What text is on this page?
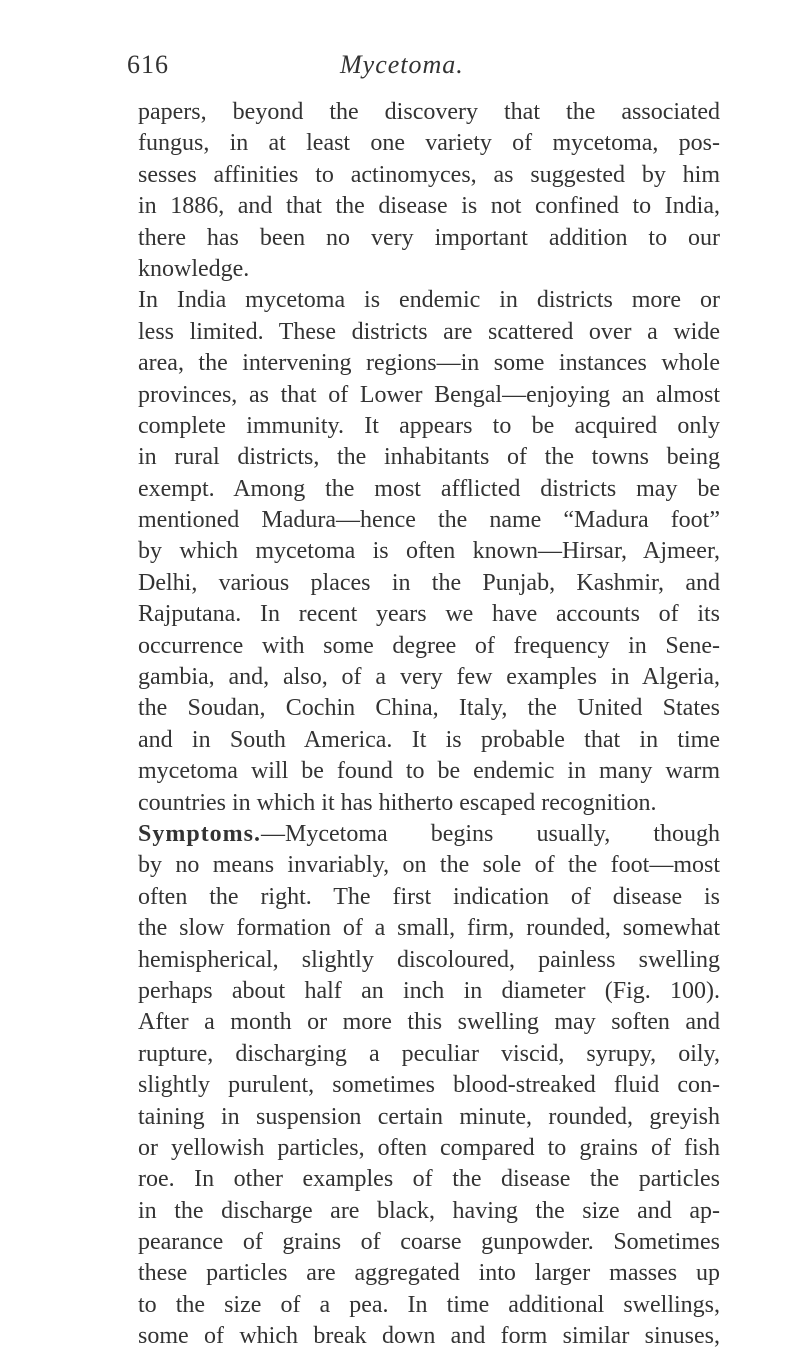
616	Mycetoma.
papers, beyond the discovery that the associated
fungus, in at least one variety of mycetoma, pos-
sesses affinities to actinomyces, as suggested by him
in 1886, and that the disease is not confined to India,
there has been no very important addition to our
knowledge.
In India mycetoma is endemic in districts more or
less limited. These districts are scattered over a wide
area, the intervening regions—in some instances whole
provinces, as that of Lower Bengal—enjoying an almost
complete immunity. It appears to be acquired only
in rural districts, the inhabitants of the towns being
exempt. Among the most afflicted districts may be
mentioned Madura—hence the name “Madura foot”
by which mycetoma is often known—Hirsar, Ajmeer,
Delhi, various places in the Punjab, Kashmir, and
Rajputana. In recent years we have accounts of its
occurrence with some degree of frequency in Sene-
gambia, and, also, of a very few examples in Algeria,
the Soudan, Cochin China, Italy, the United States
and in South America. It is probable that in time
mycetoma will be found to be endemic in many warm
countries in which it has hitherto escaped recognition.
Symptoms.—Mycetoma begins usually, though
by no means invariably, on the sole of the foot—most
often the right. The first indication of disease is
the slow formation of a small, firm, rounded, somewhat
hemispherical, slightly discoloured, painless swelling
perhaps about half an inch in diameter (Fig. 100).
After a month or more this swelling may soften and
rupture, discharging a peculiar viscid, syrupy, oily,
slightly purulent, sometimes blood-streaked fluid con-
taining in suspension certain minute, rounded, greyish
or yellowish particles, often compared to grains of fish
roe. In other examples of the disease the particles
in the discharge are black, having the size and ap-
pearance of grains of coarse gunpowder. Sometimes
these particles are aggregated into larger masses up
to the size of a pea. In time additional swellings,
some of which break down and form similar sinuses,
